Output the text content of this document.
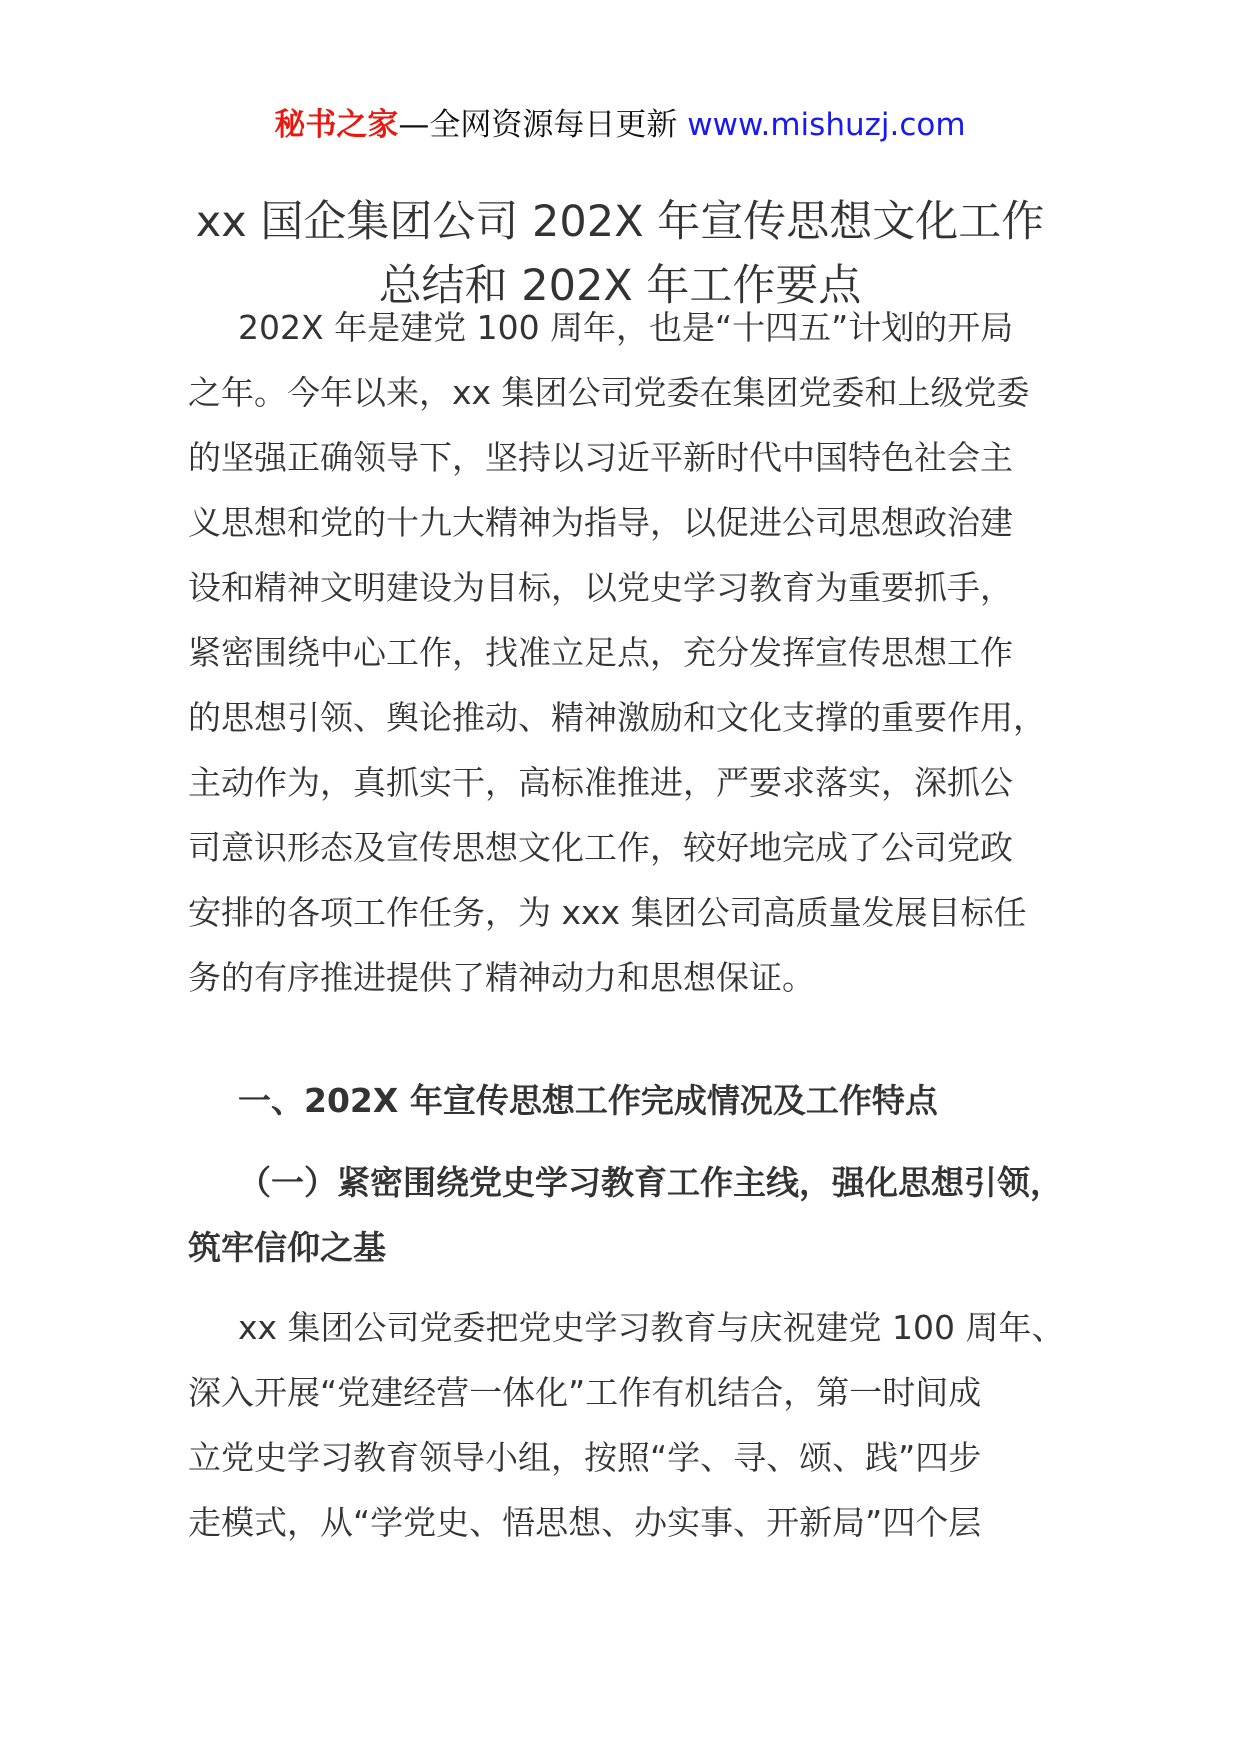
秘书之家—全网资源每日更新 www.mishuzj.com
xx 国企集团公司 202X 年宣传思想文化工作
总结和 202X 年工作要点
202X 年是建党 100 周年，也是“十四五”计划的开局
之年。今年以来，xx 集团公司党委在集团党委和上级党委
的坚强正确领导下，坚持以习近平新时代中国特色社会主
义思想和党的十九大精神为指导，以促进公司思想政治建
设和精神文明建设为目标，以党史学习教育为重要抓手，
紧密围绕中心工作，找准立足点，充分发挥宣传思想工作
的思想引领、舆论推动、精神激励和文化支撑的重要作用，
主动作为，真抓实干，高标准推进，严要求落实，深抓公
司意识形态及宣传思想文化工作，较好地完成了公司党政
安排的各项工作任务，为 xxx 集团公司高质量发展目标任
务的有序推进提供了精神动力和思想保证。
一、202X 年宣传思想工作完成情况及工作特点
（一）紧密围绕党史学习教育工作主线，强化思想引领，
筑牢信仰之基
xx 集团公司党委把党史学习教育与庆祝建党 100 周年、
深入开展“党建经营一体化”工作有机结合，第一时间成
立党史学习教育领导小组，按照“学、寻、颂、践”四步
走模式，从“学党史、悟思想、办实事、开新局”四个层
